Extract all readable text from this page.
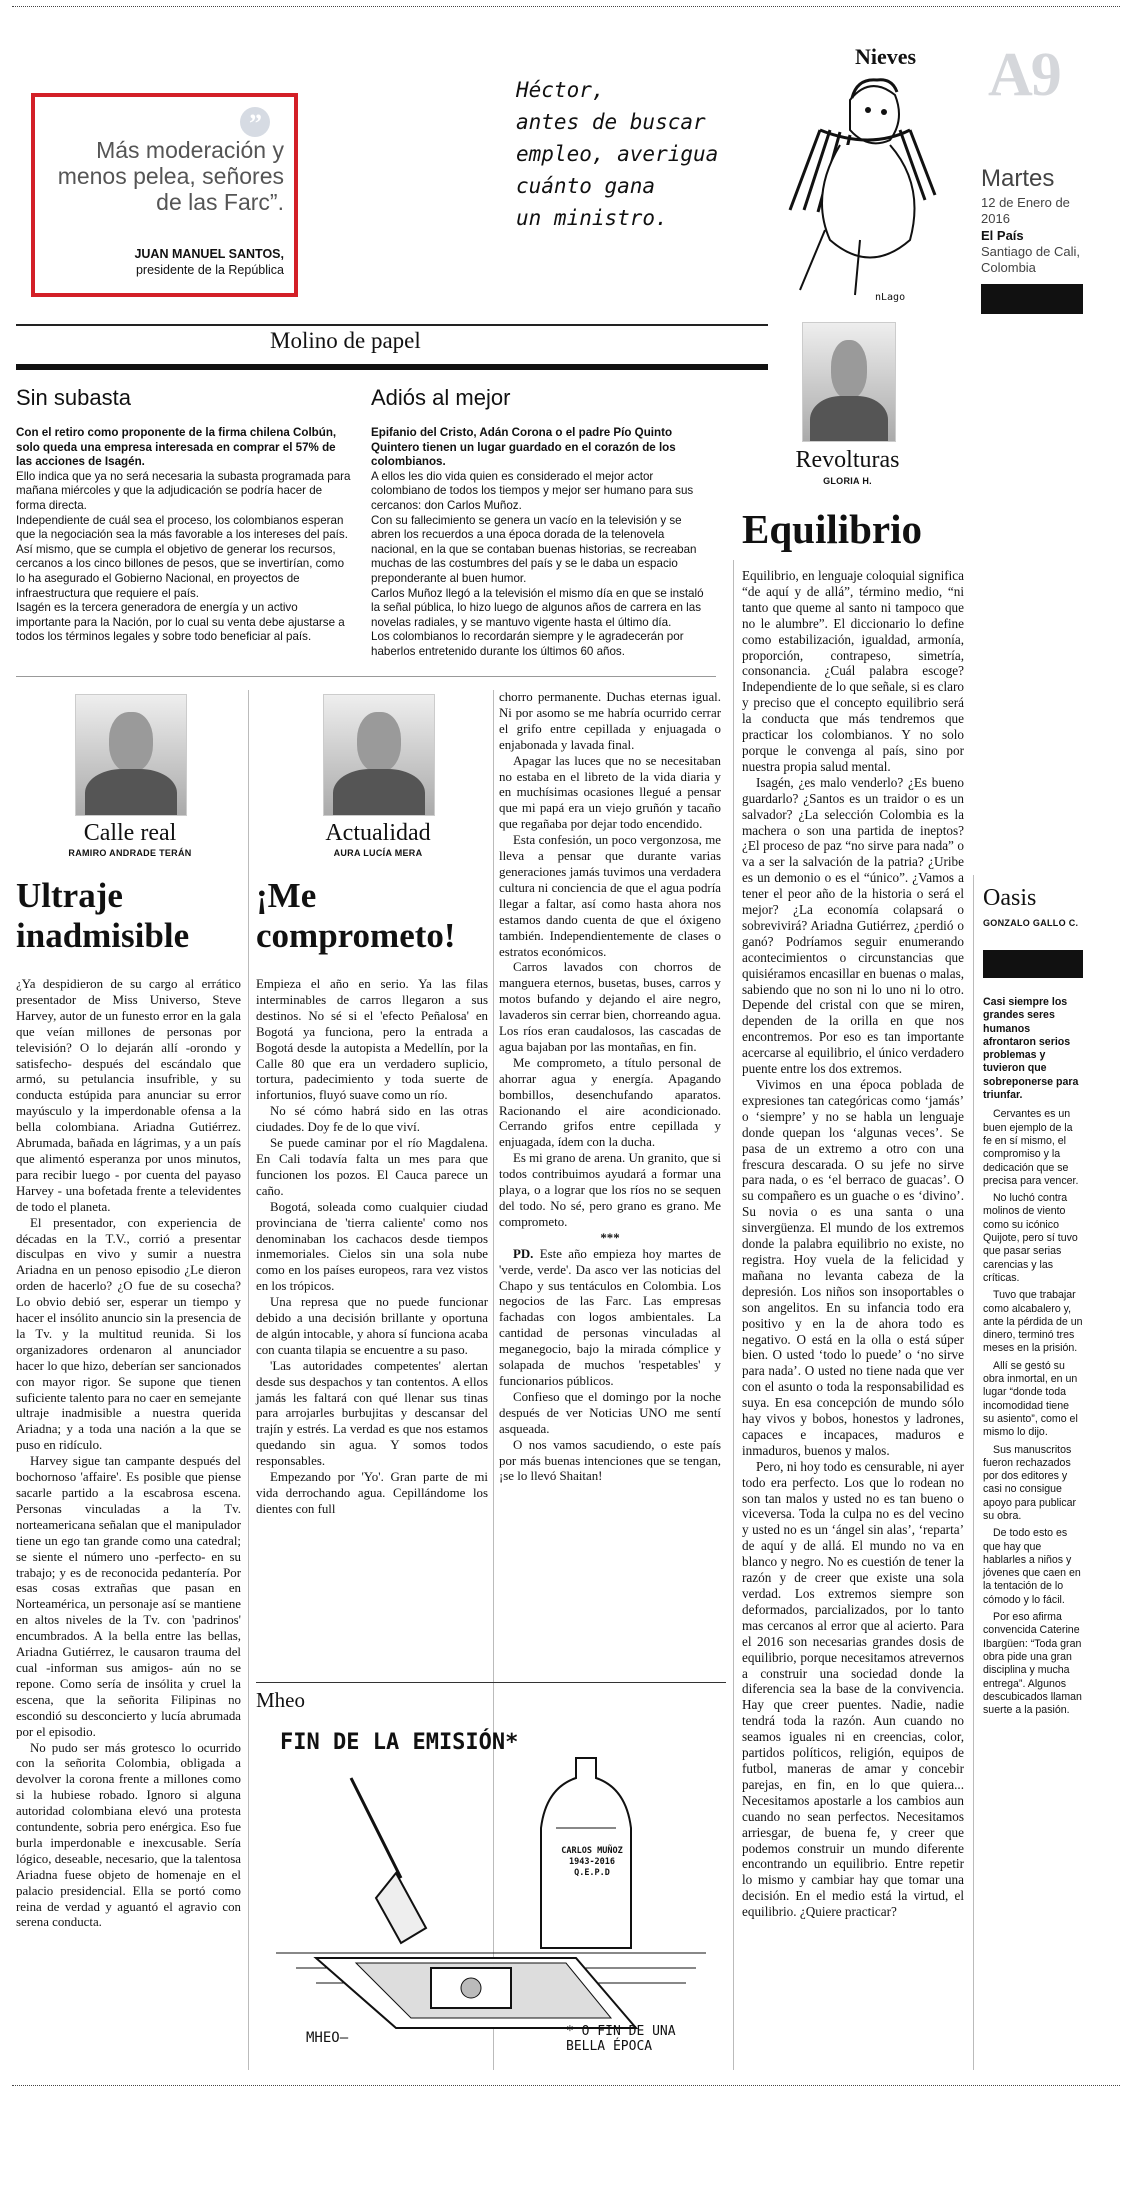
”
Más moderación y menos pelea, señores de las Farc”.
JUAN MANUEL SANTOS,
presidente de la República
Nieves
Héctor,
antes de buscar
empleo, averigua
cuánto gana
un ministro.
nLago
A9
Martes
12 de Enero de 2016
El País
Santiago de Cali, Colombia
Molino de papel
Sin subasta

Con el retiro como proponente de la firma chilena Colbún, solo queda una empresa interesada en comprar el 57% de las acciones de Isagén.

Ello indica que ya no será necesaria la subasta programada para mañana miércoles y que la adjudicación se podría hacer de forma directa.

Independiente de cuál sea el proceso, los colombianos esperan que la negociación sea la más favorable a los intereses del país. Así mismo, que se cumpla el objetivo de generar los recursos, cercanos a los cinco billones de pesos, que se invertirían, como lo ha asegurado el Gobierno Nacional, en proyectos de infraestructura que requiere el país.

Isagén es la tercera generadora de energía y un activo importante para la Nación, por lo cual su venta debe ajustarse a todos los términos legales y sobre todo beneficiar al país.

Adiós al mejor

Epifanio del Cristo, Adán Corona o el padre Pío Quinto Quintero tienen un lugar guardado en el corazón de los colombianos.

A ellos les dio vida quien es considerado el mejor actor colombiano de todos los tiempos y mejor ser humano para sus cercanos: don Carlos Muñoz.

Con su fallecimiento se genera un vacío en la televisión y se abren los recuerdos a una época dorada de la telenovela nacional, en la que se contaban buenas historias, se recreaban muchas de las costumbres del país y se le daba un espacio preponderante al buen humor.

Carlos Muñoz llegó a la televisión el mismo día en que se instaló la señal pública, lo hizo luego de algunos años de carrera en las novelas radiales, y se mantuvo vigente hasta el último día.

Los colombianos lo recordarán siempre y le agradecerán por haberlos entretenido durante los últimos 60 años.

Revolturas
GLORIA H.
Equilibrio

Equilibrio, en lenguaje coloquial significa “de aquí y de allá”, término medio, “ni tanto que queme al santo ni tampoco que no le alumbre”. El diccionario lo define como estabilización, igualdad, armonía, proporción, contrapeso, simetría, consonancia. ¿Cuál palabra escoge? Independiente de lo que señale, si es claro y preciso que el concepto equilibrio será la conducta que más tendremos que practicar los colombianos. Y no solo porque le convenga al país, sino por nuestra propia salud mental.

Isagén, ¿es malo venderlo? ¿Es bueno guardarlo? ¿Santos es un traidor o es un salvador? ¿La selección Colombia es la machera o son una partida de ineptos? ¿El proceso de paz “no sirve para nada” o va a ser la salvación de la patria? ¿Uribe es un demonio o es el “único”. ¿Vamos a tener el peor año de la historia o será el mejor? ¿La economía colapsará o sobrevivirá? Ariadna Gutiérrez, ¿perdió o ganó? Podríamos seguir enumerando acontecimientos o circunstancias que quisiéramos encasillar en buenas o malas, sabiendo que no son ni lo uno ni lo otro. Depende del cristal con que se miren, dependen de la orilla en que nos encontremos. Por eso es tan importante acercarse al equilibrio, el único verdadero puente entre los dos extremos.

Vivimos en una época poblada de expresiones tan categóricas como ‘jamás’ o ‘siempre’ y no se habla un lenguaje donde quepan los ‘algunas veces’. Se pasa de un extremo a otro con una frescura descarada. O su jefe no sirve para nada, o es ‘el berraco de guacas’. O su compañero es un guache o es ‘divino’. Su novia o es una santa o una sinvergüenza. El mundo de los extremos donde la palabra equilibrio no existe, no registra. Hoy vuela de la felicidad y mañana no levanta cabeza de la depresión. Los niños son insoportables o son angelitos. En su infancia todo era positivo y en la de ahora todo es negativo. O está en la olla o está súper bien. O usted ‘todo lo puede’ o ‘no sirve para nada’. O usted no tiene nada que ver con el asunto o toda la responsabilidad es suya. En esa concepción de mundo sólo hay vivos y bobos, honestos y ladrones, capaces e incapaces, maduros e inmaduros, buenos y malos.

Pero, ni hoy todo es censurable, ni ayer todo era perfecto. Los que lo rodean no son tan malos y usted no es tan bueno o viceversa. Toda la culpa no es del vecino y usted no es un ‘ángel sin alas’, ‘reparta’ de aquí y de allá. El mundo no va en blanco y negro. No es cuestión de tener la razón y de creer que existe una sola verdad. Los extremos siempre son deformados, parcializados, por lo tanto mas cercanos al error que al acierto. Para el 2016 son necesarias grandes dosis de equilibrio, porque necesitamos atrevernos a construir una sociedad donde la diferencia sea la base de la convivencia. Hay que creer puentes. Nadie, nadie tendrá toda la razón. Aun cuando no seamos iguales ni en creencias, color, partidos políticos, religión, equipos de futbol, maneras de amar y concebir parejas, en fin, en lo que quiera... Necesitamos apostarle a los cambios aun cuando no sean perfectos. Necesitamos arriesgar, de buena fe, y creer que podemos construir un mundo diferente encontrando un equilibrio. Entre repetir lo mismo y cambiar hay que tomar una decisión. En el medio está la virtud, el equilibrio. ¿Quiere practicar?

Oasis
GONZALO GALLO C.

Casi siempre los grandes seres humanos afrontaron serios problemas y tuvieron que sobreponerse para triunfar.

Cervantes es un buen ejemplo de la fe en sí mismo, el compromiso y la dedicación que se precisa para vencer.

No luchó contra molinos de viento como su icónico Quijote, pero sí tuvo que pasar serias carencias y las críticas.

Tuvo que trabajar como alcabalero y, ante la pérdida de un dinero, terminó tres meses en la prisión.

Allí se gestó su obra inmortal, en un lugar “donde toda incomodidad tiene su asiento”, como el mismo lo dijo.

Sus manuscritos fueron rechazados por dos editores y casi no consigue apoyo para publicar su obra.

De todo esto es que hay que hablarles a niños y jóvenes que caen en la tentación de lo cómodo y lo fácil.

Por eso afirma convencida Caterine Ibargüen: “Toda gran obra pide una gran disciplina y mucha entrega”. Algunos descubicados llaman suerte a la pasión.

Calle real
RAMIRO ANDRADE TERÁN
Ultraje inadmisible

¿Ya despidieron de su cargo al errático presentador de Miss Universo, Steve Harvey, autor de un funesto error en la gala que veían millones de personas por televisión? O lo dejarán allí -orondo y satisfecho- después del escándalo que armó, su petulancia insufrible, y su conducta estúpida para anunciar su error mayúsculo y la imperdonable ofensa a la bella colombiana. Ariadna Gutiérrez. Abrumada, bañada en lágrimas, y a un país que alimentó esperanza por unos minutos, para recibir luego - por cuenta del payaso Harvey - una bofetada frente a televidentes de todo el planeta.

El presentador, con experiencia de décadas en la T.V., corrió a presentar disculpas en vivo y sumir a nuestra Ariadna en un penoso episodio ¿Le dieron orden de hacerlo? ¿O fue de su cosecha? Lo obvio debió ser, esperar un tiempo y hacer el insólito anuncio sin la presencia de la Tv. y la multitud reunida. Si los organizadores ordenaron al anunciador hacer lo que hizo, deberían ser sancionados con mayor rigor. Se supone que tienen suficiente talento para no caer en semejante ultraje inadmisible a nuestra querida Ariadna; y a toda una nación a la que se puso en ridículo.

Harvey sigue tan campante después del bochornoso 'affaire'. Es posible que piense sacarle partido a la escabrosa escena. Personas vinculadas a la Tv. norteamericana señalan que el manipulador tiene un ego tan grande como una catedral; se siente el número uno -perfecto- en su trabajo; y es de reconocida pedantería. Por esas cosas extrañas que pasan en Norteamérica, un personaje así se mantiene en altos niveles de la Tv. con 'padrinos' encumbrados. A la bella entre las bellas, Ariadna Gutiérrez, le causaron trauma del cual -informan sus amigos- aún no se repone. Como sería de insólita y cruel la escena, que la señorita Filipinas no escondió su desconcierto y lucía abrumada por el episodio.

No pudo ser más grotesco lo ocurrido con la señorita Colombia, obligada a devolver la corona frente a millones como si la hubiese robado. Ignoro si alguna autoridad colombiana elevó una protesta contundente, sobria pero enérgica. Eso fue burla imperdonable e inexcusable. Sería lógico, deseable, necesario, que la talentosa Ariadna fuese objeto de homenaje en el palacio presidencial. Ella se portó como reina de verdad y aguantó el agravio con serena conducta.

Actualidad
AURA LUCÍA MERA
¡Me comprometo!

Empieza el año en serio. Ya las filas interminables de carros llegaron a sus destinos. No sé si el 'efecto Peñalosa' en Bogotá ya funciona, pero la entrada a Bogotá desde la autopista a Medellín, por la Calle 80 que era un verdadero suplicio, tortura, padecimiento y toda suerte de infortunios, fluyó suave como un río.

No sé cómo habrá sido en las otras ciudades. Doy fe de lo que viví.

Se puede caminar por el río Magdalena. En Cali todavía falta un mes para que funcionen los pozos. El Cauca parece un caño.

Bogotá, soleada como cualquier ciudad provinciana de 'tierra caliente' como nos denominaban los cachacos desde tiempos inmemoriales. Cielos sin una sola nube como en los países europeos, rara vez vistos en los trópicos.

Una represa que no puede funcionar debido a una decisión brillante y oportuna de algún intocable, y ahora sí funciona acaba con cuanta tilapia se encuentre a su paso.

'Las autoridades competentes' alertan desde sus despachos y tan contentos. A ellos jamás les faltará con qué llenar sus tinas para arrojarles burbujitas y descansar del trajín y estrés. La verdad es que nos estamos quedando sin agua. Y somos todos responsables.

Empezando por 'Yo'. Gran parte de mi vida derrochando agua. Cepillándome los dientes con full

chorro permanente. Duchas eternas igual. Ni por asomo se me habría ocurrido cerrar el grifo entre cepillada y enjuagada o enjabonada y lavada final.

Apagar las luces que no se necesitaban no estaba en el libreto de la vida diaria y en muchísimas ocasiones llegué a pensar que mi papá era un viejo gruñón y tacaño que regañaba por dejar todo encendido.

Esta confesión, un poco vergonzosa, me lleva a pensar que durante varias generaciones jamás tuvimos una verdadera cultura ni conciencia de que el agua podría llegar a faltar, así como hasta ahora nos estamos dando cuenta de que el óxigeno también. Independientemente de clases o estratos económicos.

Carros lavados con chorros de manguera eternos, busetas, buses, carros y motos bufando y dejando el aire negro, lavaderos sin cerrar bien, chorreando agua. Los ríos eran caudalosos, las cascadas de agua bajaban por las montañas, en fin.

Me comprometo, a título personal de ahorrar agua y energía. Apagando bombillos, desenchufando aparatos. Racionando el aire acondicionado. Cerrando grifos entre cepillada y enjuagada, ídem con la ducha.

Es mi grano de arena. Un granito, que si todos contribuimos ayudará a formar una playa, o a lograr que los ríos no se sequen del todo. No sé, pero grano es grano. Me comprometo.

***

PD. Este año empieza hoy martes de 'verde, verde'. Da asco ver las noticias del Chapo y sus tentáculos en Colombia. Los negocios de las Farc. Las empresas fachadas con logos ambientales. La cantidad de personas vinculadas al meganegocio, bajo la mirada cómplice y solapada de muchos 'respetables' y funcionarios públicos.

Confieso que el domingo por la noche después de ver Noticias UNO me sentí asqueada.

O nos vamos sacudiendo, o este país por más buenas intenciones que se tengan, ¡se lo llevó Shaitan!

Mheo
FIN DE LA EMISIÓN*
CARLOS MUÑOZ 1943-2016 Q.E.P.D
* O FIN DE UNA BELLA ÉPOCA
MHEO—
